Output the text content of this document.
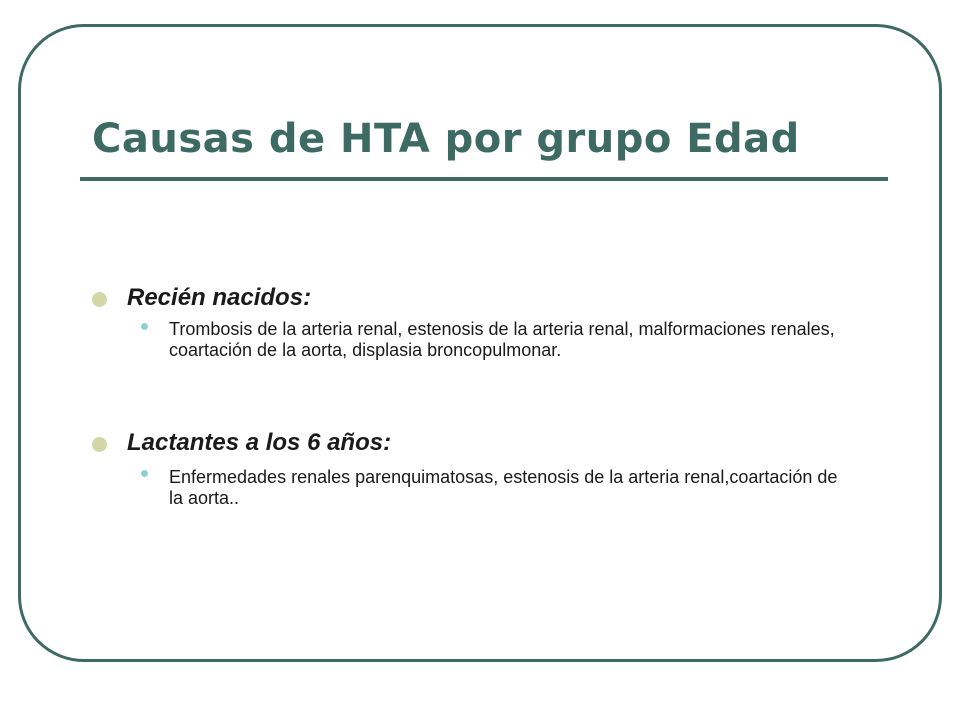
Causas de HTA por grupo Edad
Recién nacidos:
Trombosis de la arteria renal, estenosis de la arteria renal, malformaciones renales, coartación de la aorta, displasia broncopulmonar.
Lactantes a los 6 años:
Enfermedades renales parenquimatosas, estenosis de la arteria renal,coartación de la aorta..
